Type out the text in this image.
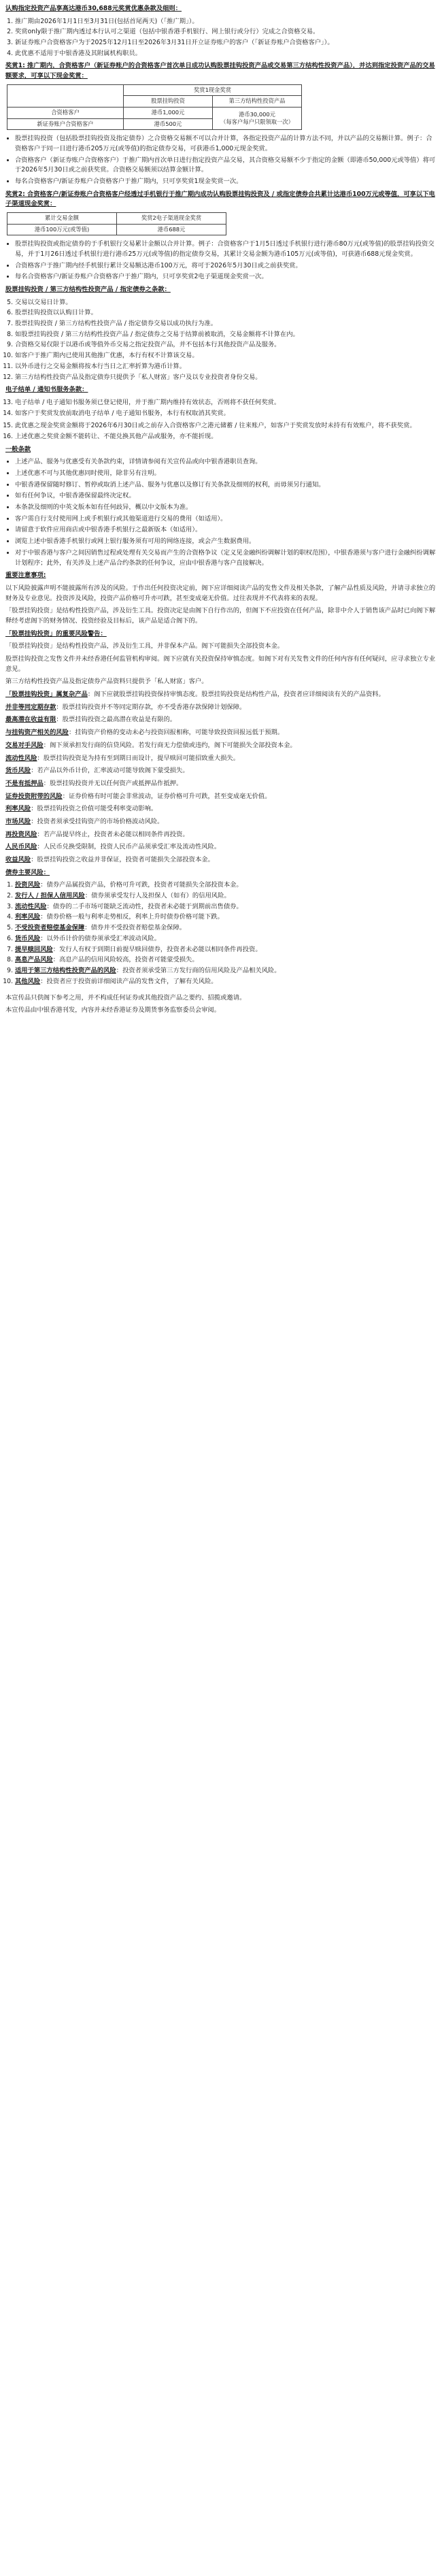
认购指定投资产品享高达港币30,688元奖赏优惠条款及细则：

1. 推广期由2026年1月1日至3月31日(包括首尾两天)（「推广期」）。
2. 奖赏only限于推广期内透过本行认可之渠道（包括中银香港手机银行、网上银行或分行）完成之合资格交易。
3. 新证券账户合资格客户为于2025年12月1日至2026年3月31日开立证券账户的客户（「新证券账户合资格客户」）。
4. 此优惠不适用于中银香港及其附属机构职员。

奖赏1: 推广期内，合资格客户（新证券账户的合资格客户首次单日成功认购股票挂钩投资产品或交易第三方结构性投资产品），并达到指定投资产品的交易额要求，可享以下现金奖赏：

	奖赏1现金奖赏	
	股票挂钩投资	第三方结构性投资产品
合资格客户	港币1,000元	港币30,000元
（每客户每户只限领取一次）
新证券账户合资格客户	港币500元	
• 股票挂钩投资（包括股票挂钩投资及指定债券）之合资格交易额不可以合并计算，各指定投资产品的计算方法不同，并以产品的交易额计算。例子：合资格客户于同一日进行港币205万元(或等值)的指定债券交易，可获港币1,000元现金奖赏。
• 合资格客户（新证券账户合资格客户）于推广期内首次单日进行指定投资产品交易，其合资格交易额不少于指定的金额（即港币50,000元或等值）将可于2026年5月30日或之前获奖赏。合资格交易额须以结算金额计算。
• 每名合资格客户/新证券账户合资格客户于推广期内，只可享奖赏1现金奖赏一次。

奖赏2: 合资格客户/新证券账户合资格客户经透过手机银行于推广期内成功认购股票挂钩投资及 / 或指定债券合共累计达港币100万元或等值，可享以下电子渠道现金奖赏：

累计交易金额	奖赏2电子渠道现金奖赏
港币100万元(或等值)	港币688元
• 股票挂钩投资或指定债券的于手机银行交易累计金额以合并计算。例子：合资格客户于1月5日透过手机银行进行港币80万元(或等值)的股票挂钩投资交易，并于1月26日透过手机银行进行港币25万元(或等值)的指定债券交易，其累计交易金额为港币105万元(或等值)，可获港币688元现金奖赏。
• 合资格客户于推广期内经手机银行累计交易额达港币100万元，将可于2026年5月30日或之前获奖赏。
• 每名合资格客户/新证券账户合资格客户于推广期内，只可享奖赏2电子渠道现金奖赏一次。

股票挂钩投资 / 第三方结构性投资产品 / 指定债券之条款：

5. 交易以交易日计算。
6. 股票挂钩投资以认购日计算。
7. 股票挂钩投资 / 第三方结构性投资产品 / 指定债券交易以成功执行为准。
8. 如股票挂钩投资 / 第三方结构性投资产品 / 指定债券之交易于结算前被取消，交易金额将不计算在内。
9. 合资格交易仅限于以港币或等值外币交易之指定投资产品，并不包括本行其他投资产品及服务。
10. 如客户于推广期内已使用其他推广优惠，本行有权不计算该交易。
11. 以外币进行之交易金额将按本行当日之汇率折算为港币计算。
12. 第三方结构性投资产品及指定债券只提供予「私人财富」客户及以专业投资者身份交易。

电子结单 / 通知书服务条款：

13. 电子结单 / 电子通知书服务须已登记使用，并于推广期内维持有效状态，否则将不获任何奖赏。
14. 如客户于奖赏发放前取消电子结单 / 电子通知书服务，本行有权取消其奖赏。
15. 此优惠之现金奖赏金额将于2026年6月30日或之前存入合资格客户之港元储蓄 / 往来账户，如客户于奖赏发放时未持有有效账户，将不获奖赏。
16. 上述优惠之奖赏金额不能转让、不能兑换其他产品或服务，亦不能折现。

一般条款

• 上述产品、服务与优惠受有关条款约束，详情请参阅有关宣传品或向中银香港职员查询。
• 上述优惠不可与其他优惠同时使用，除非另有注明。
• 中银香港保留随时修订、暂停或取消上述产品、服务与优惠以及修订有关条款及细则的权利，而毋须另行通知。
• 如有任何争议，中银香港保留最终决定权。
• 本条款及细则的中英文版本如有任何歧异，概以中文版本为准。
• 客户需自行支付使用网上或手机银行或其他渠道进行交易的费用（如适用）。
• 请留意于软件应用商店或中银香港手机银行之最新版本（如适用）。
• 浏览上述中银香港手机银行或网上银行服务须有可用的网络连接，或会产生数据费用。
• 对于中银香港与客户之间因销售过程或处理有关交易而产生的合资格争议（定义见金融纠纷调解计划的职权范围），中银香港须与客户进行金融纠纷调解计划程序；此外，有关涉及上述产品合约条款的任何争议，应由中银香港与客户直接解决。

重要注意事项:

以下风险披露声明不能披露所有涉及的风险。于作出任何投资决定前，阁下应详细阅读产品的发售文件及相关条款，了解产品性质及风险，并请寻求独立的财务及专业意见。投资涉及风险，投资产品价格可升亦可跌，甚至变成毫无价值。过往表现并不代表将来的表现。

「股票挂钩投资」是结构性投资产品，涉及衍生工具。投资决定是由阁下自行作出的，但阁下不应投资在任何产品，除非中介人于销售该产品时已向阁下解释经考虑阁下的财务情况、投资经验及目标后，该产品是适合阁下的。

「股票挂钩投资」的重要风险警告：

「股票挂钩投资」是结构性投资产品，涉及衍生工具，并非保本产品。阁下可能损失全部投资本金。

股票挂钩投资之发售文件并未经香港任何监管机构审阅。阁下应就有关投资保持审慎态度。如阁下对有关发售文件的任何内容有任何疑问，应寻求独立专业意见。

第三方结构性投资产品及指定债券产品资料只提供予「私人财富」客户。

「股票挂钩投资」属复杂产品：阁下应就股票挂钩投资保持审慎态度。股票挂钩投资是结构性产品，投资者应详细阅读有关的产品资料。

并非等同定期存款：股票挂钩投资并不等同定期存款，亦不受香港存款保障计划保障。

最高潜在收益有限：股票挂钩投资之最高潜在收益是有限的。

与挂钩资产相关的风险：挂钩资产价格的变动未必与投资回报相称，可能导致投资回报远低于预期。

交易对手风险：阁下须承担发行商的信贷风险。若发行商无力偿债或违约，阁下可能损失全部投资本金。

流动性风险：股票挂钩投资是为持有至到期日而设计，提早赎回可能招致重大损失。

货币风险：若产品以外币计价，汇率波动可能导致阁下蒙受损失。

不是有抵押品：股票挂钩投资并无以任何资产或抵押品作抵押。

证券投资附带的风险：证券价格有时可能会非常波动，证券价格可升可跌，甚至变成毫无价值。

利率风险：股票挂钩投资之价值可能受利率变动影响。

市场风险：投资者须承受挂钩资产的市场价格波动风险。

再投资风险：若产品提早终止，投资者未必能以相同条件再投资。

人民币风险：人民币兑换受限制，投资人民币产品须承受汇率及流动性风险。

收益风险：股票挂钩投资之收益并非保证，投资者可能损失全部投资本金。

债券主要风险：

1. 投资风险：债券产品属投资产品，价格可升可跌，投资者可能损失全部投资本金。
2. 发行人 / 担保人信用风险：债券须承受发行人及担保人（如有）的信用风险。
3. 流动性风险：债券的二手市场可能缺乏流动性，投资者未必能于到期前出售债券。
4. 利率风险：债券价格一般与利率走势相反，利率上升时债券价格可能下跌。
5. 不受投资者赔偿基金保障：债券并不受投资者赔偿基金保障。
6. 货币风险：以外币计价的债券须承受汇率波动风险。
7. 提早赎回风险：发行人有权于到期日前提早赎回债券，投资者未必能以相同条件再投资。
8. 高息产品风险：高息产品的信用风险较高，投资者可能蒙受损失。
9. 适用于第三方结构性投资产品的风险：投资者须承受第三方发行商的信用风险及产品相关风险。
10. 其他风险：投资者应于投资前详细阅读产品的发售文件，了解有关风险。

本宣传品只供阁下参考之用，并不构成任何证券或其他投资产品之要约、招揽或邀请。

本宣传品由中银香港刊发，内容并未经香港证券及期货事务监察委员会审阅。
